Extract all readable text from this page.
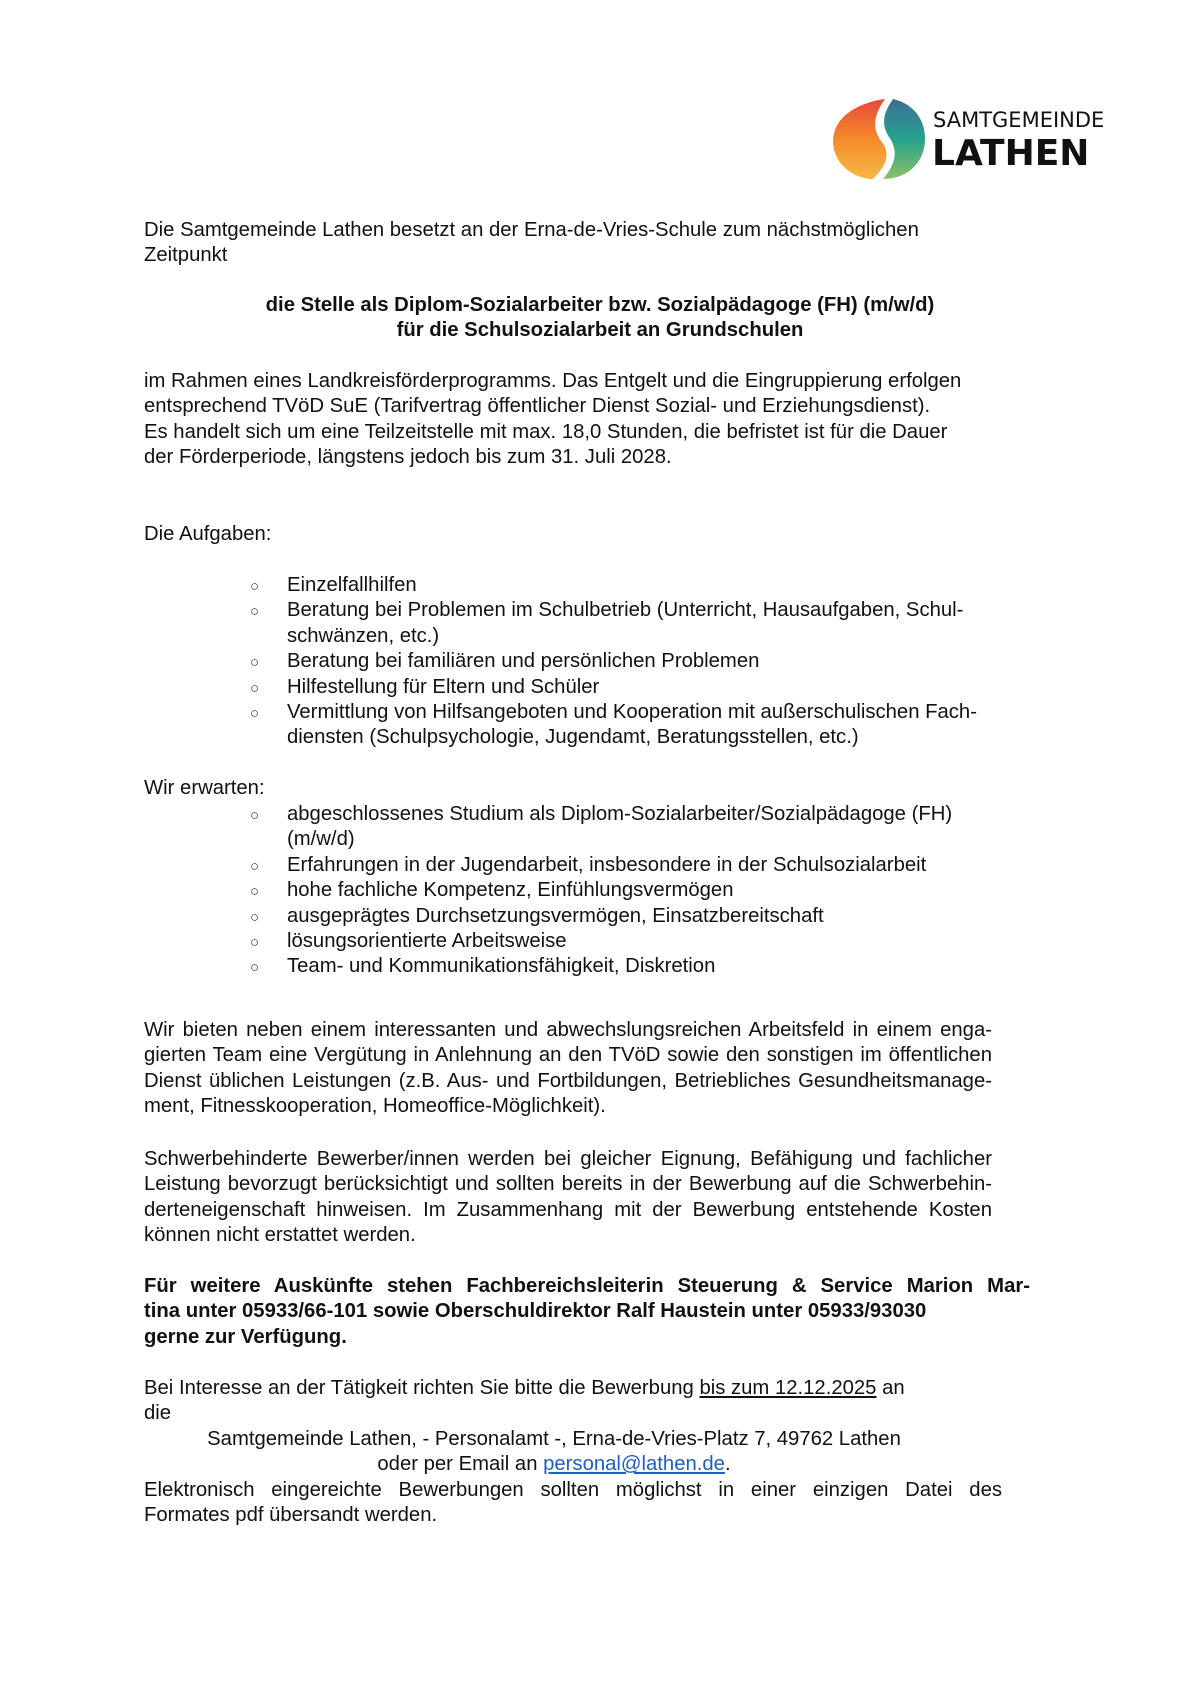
SAMTGEMEINDE
LATHEN
Die Samtgemeinde Lathen besetzt an der Erna-de-Vries-Schule zum nächstmöglichen
Zeitpunkt
die Stelle als Diplom-Sozialarbeiter bzw. Sozialpädagoge (FH) (m/w/d)
für die Schulsozialarbeit an Grundschulen
im Rahmen eines Landkreisförderprogramms. Das Entgelt und die Eingruppierung erfolgen
entsprechend TVöD SuE (Tarifvertrag öffentlicher Dienst Sozial- und Erziehungsdienst).
Es handelt sich um eine Teilzeitstelle mit max. 18,0 Stunden, die befristet ist für die Dauer
der Förderperiode, längstens jedoch bis zum 31. Juli 2028.
Die Aufgaben:
○ Einzelfallhilfen
○ Beratung bei Problemen im Schulbetrieb (Unterricht, Hausaufgaben, Schul-
schwänzen, etc.)
○ Beratung bei familiären und persönlichen Problemen
○ Hilfestellung für Eltern und Schüler
○ Vermittlung von Hilfsangeboten und Kooperation mit außerschulischen Fach-
diensten (Schulpsychologie, Jugendamt, Beratungsstellen, etc.)
Wir erwarten:
○ abgeschlossenes Studium als Diplom-Sozialarbeiter/Sozialpädagoge (FH)
(m/w/d)
○ Erfahrungen in der Jugendarbeit, insbesondere in der Schulsozialarbeit
○ hohe fachliche Kompetenz, Einfühlungsvermögen
○ ausgeprägtes Durchsetzungsvermögen, Einsatzbereitschaft
○ lösungsorientierte Arbeitsweise
○ Team- und Kommunikationsfähigkeit, Diskretion
Wir bieten neben einem interessanten und abwechslungsreichen Arbeitsfeld in einem enga-
gierten Team eine Vergütung in Anlehnung an den TVöD sowie den sonstigen im öffentlichen
Dienst üblichen Leistungen (z.B. Aus- und Fortbildungen, Betriebliches Gesundheitsmanage-
ment, Fitnesskooperation, Homeoffice-Möglichkeit).
Schwerbehinderte Bewerber/innen werden bei gleicher Eignung, Befähigung und fachlicher
Leistung bevorzugt berücksichtigt und sollten bereits in der Bewerbung auf die Schwerbehin-
derteneigenschaft hinweisen. Im Zusammenhang mit der Bewerbung entstehende Kosten
können nicht erstattet werden.
Für weitere Auskünfte stehen Fachbereichsleiterin Steuerung & Service Marion Mar-
tina unter 05933/66-101 sowie Oberschuldirektor Ralf Haustein unter 05933/93030
gerne zur Verfügung.
Bei Interesse an der Tätigkeit richten Sie bitte die Bewerbung bis zum 12.12.2025 an
die
Samtgemeinde Lathen, - Personalamt -, Erna-de-Vries-Platz 7, 49762 Lathen
oder per Email an personal@lathen.de.
Elektronisch eingereichte Bewerbungen sollten möglichst in einer einzigen Datei des
Formates pdf übersandt werden.
